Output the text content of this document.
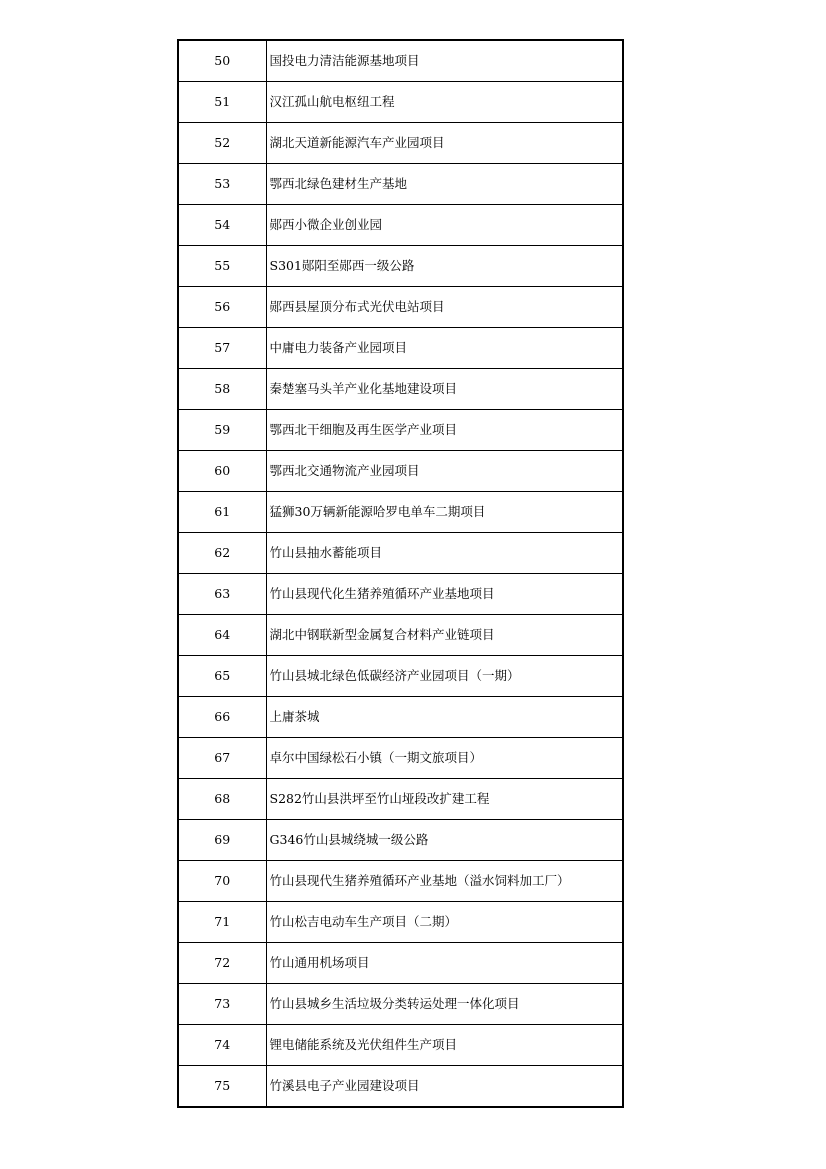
50	国投电力清洁能源基地项目
51	汉江孤山航电枢纽工程
52	湖北天道新能源汽车产业园项目
53	鄂西北绿色建材生产基地
54	郧西小微企业创业园
55	S301郧阳至郧西一级公路
56	郧西县屋顶分布式光伏电站项目
57	中庸电力装备产业园项目
58	秦楚塞马头羊产业化基地建设项目
59	鄂西北干细胞及再生医学产业项目
60	鄂西北交通物流产业园项目
61	猛狮30万辆新能源哈罗电单车二期项目
62	竹山县抽水蓄能项目
63	竹山县现代化生猪养殖循环产业基地项目
64	湖北中钢联新型金属复合材料产业链项目
65	竹山县城北绿色低碳经济产业园项目（一期）
66	上庸茶城
67	卓尔中国绿松石小镇（一期文旅项目）
68	S282竹山县洪坪至竹山垭段改扩建工程
69	G346竹山县城绕城一级公路
70	竹山县现代生猪养殖循环产业基地（溢水饲料加工厂）
71	竹山松吉电动车生产项目（二期）
72	竹山通用机场项目
73	竹山县城乡生活垃圾分类转运处理一体化项目
74	锂电储能系统及光伏组件生产项目
75	竹溪县电子产业园建设项目
